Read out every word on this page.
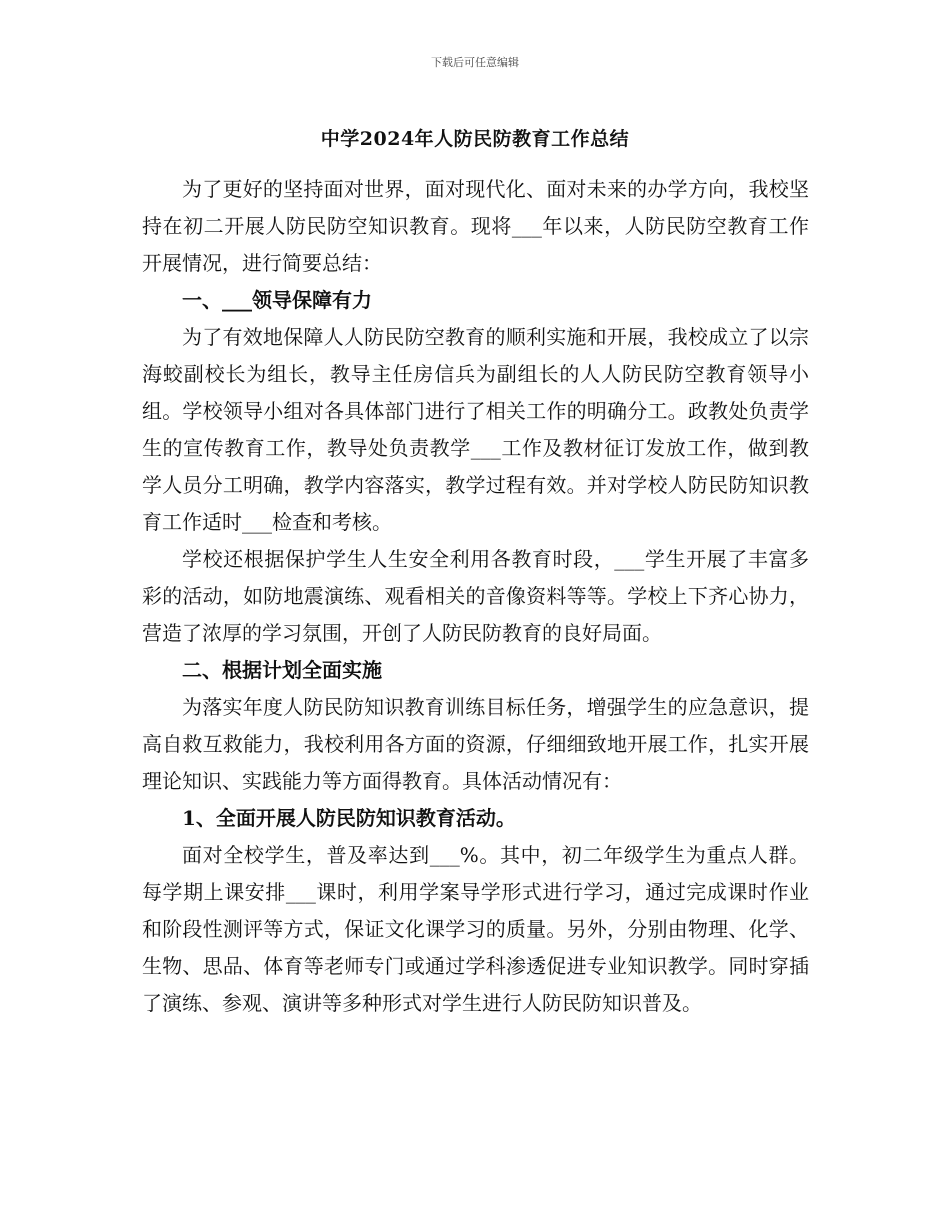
下载后可任意编辑
中学2024年人防民防教育工作总结

为了更好的坚持面对世界，面对现代化、面对未来的办学方向，我校坚持在初二开展人防民防空知识教育。现将___年以来，人防民防空教育工作开展情况，进行简要总结：

一、___领导保障有力

为了有效地保障人人防民防空教育的顺利实施和开展，我校成立了以宗海蛟副校长为组长，教导主任房信兵为副组长的人人防民防空教育领导小组。学校领导小组对各具体部门进行了相关工作的明确分工。政教处负责学生的宣传教育工作，教导处负责教学___工作及教材征订发放工作，做到教学人员分工明确，教学内容落实，教学过程有效。并对学校人防民防知识教育工作适时___检查和考核。

学校还根据保护学生人生安全利用各教育时段，___学生开展了丰富多彩的活动，如防地震演练、观看相关的音像资料等等。学校上下齐心协力，营造了浓厚的学习氛围，开创了人防民防教育的良好局面。

二、根据计划全面实施

为落实年度人防民防知识教育训练目标任务，增强学生的应急意识，提高自救互救能力，我校利用各方面的资源，仔细细致地开展工作，扎实开展理论知识、实践能力等方面得教育。具体活动情况有：

1、全面开展人防民防知识教育活动。

面对全校学生，普及率达到___%。其中，初二年级学生为重点人群。每学期上课安排___课时，利用学案导学形式进行学习，通过完成课时作业和阶段性测评等方式，保证文化课学习的质量。另外，分别由物理、化学、生物、思品、体育等老师专门或通过学科渗透促进专业知识教学。同时穿插了演练、参观、演讲等多种形式对学生进行人防民防知识普及。
